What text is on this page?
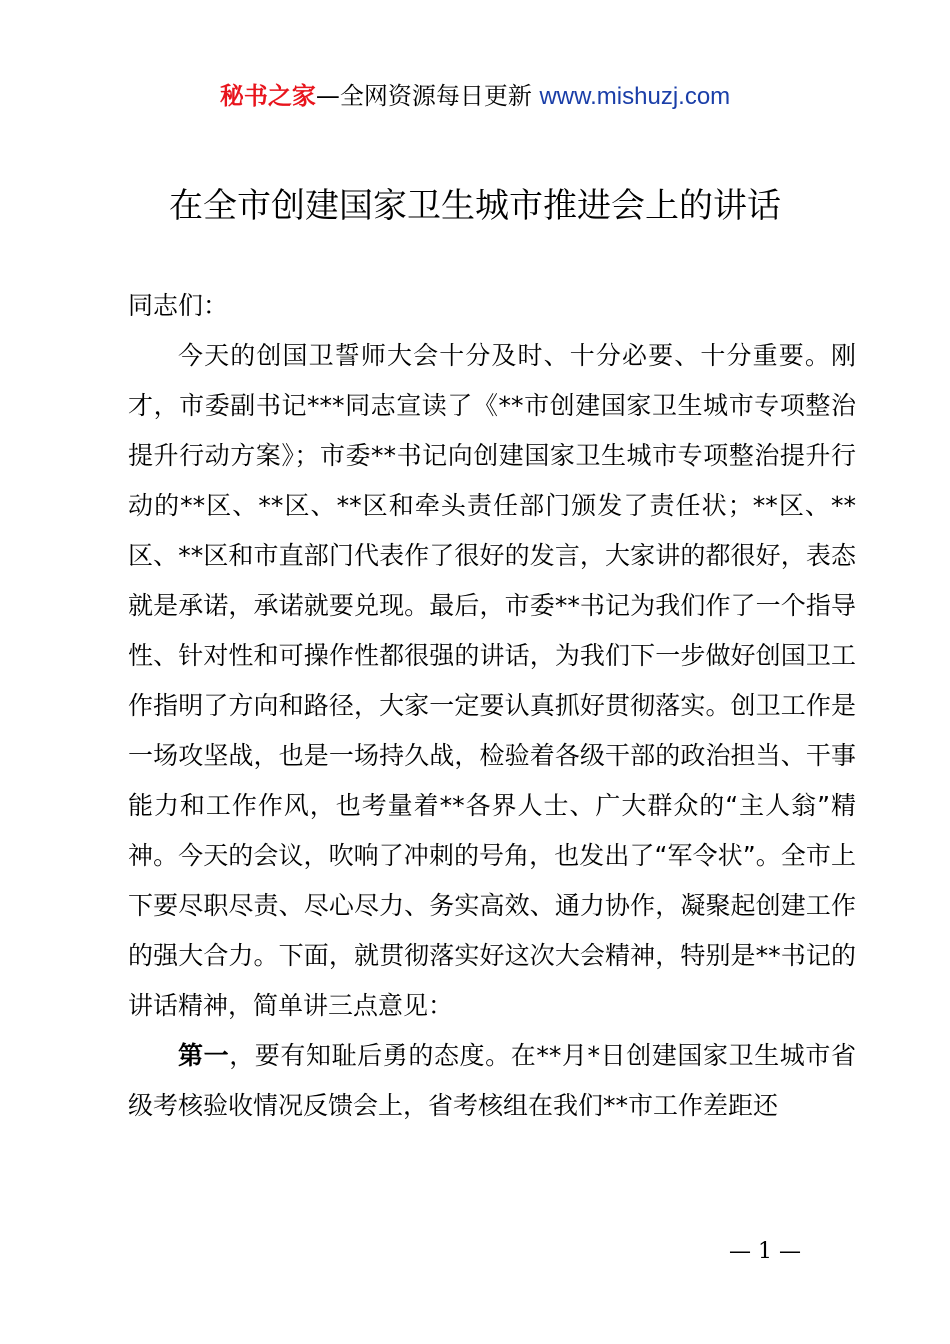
秘书之家—全网资源每日更新 www.mishuzj.com
在全市创建国家卫生城市推进会上的讲话

同志们：

今天的创国卫誓师大会十分及时、十分必要、十分重要。刚才，市委副书记***同志宣读了《**市创建国家卫生城市专项整治提升行动方案》；市委**书记向创建国家卫生城市专项整治提升行动的**区、**区、**区和牵头责任部门颁发了责任状；**区、**区、**区和市直部门代表作了很好的发言，大家讲的都很好，表态就是承诺，承诺就要兑现。最后，市委**书记为我们作了一个指导性、针对性和可操作性都很强的讲话，为我们下一步做好创国卫工作指明了方向和路径，大家一定要认真抓好贯彻落实。创卫工作是一场攻坚战，也是一场持久战，检验着各级干部的政治担当、干事能力和工作作风，也考量着**各界人士、广大群众的“主人翁”精神。今天的会议，吹响了冲刺的号角，也发出了“军令状”。全市上下要尽职尽责、尽心尽力、务实高效、通力协作，凝聚起创建工作的强大合力。下面，就贯彻落实好这次大会精神，特别是**书记的讲话精神，简单讲三点意见：

第一，要有知耻后勇的态度。在**月*日创建国家卫生城市省级考核验收情况反馈会上，省考核组在我们**市工作差距还

— 1 —
